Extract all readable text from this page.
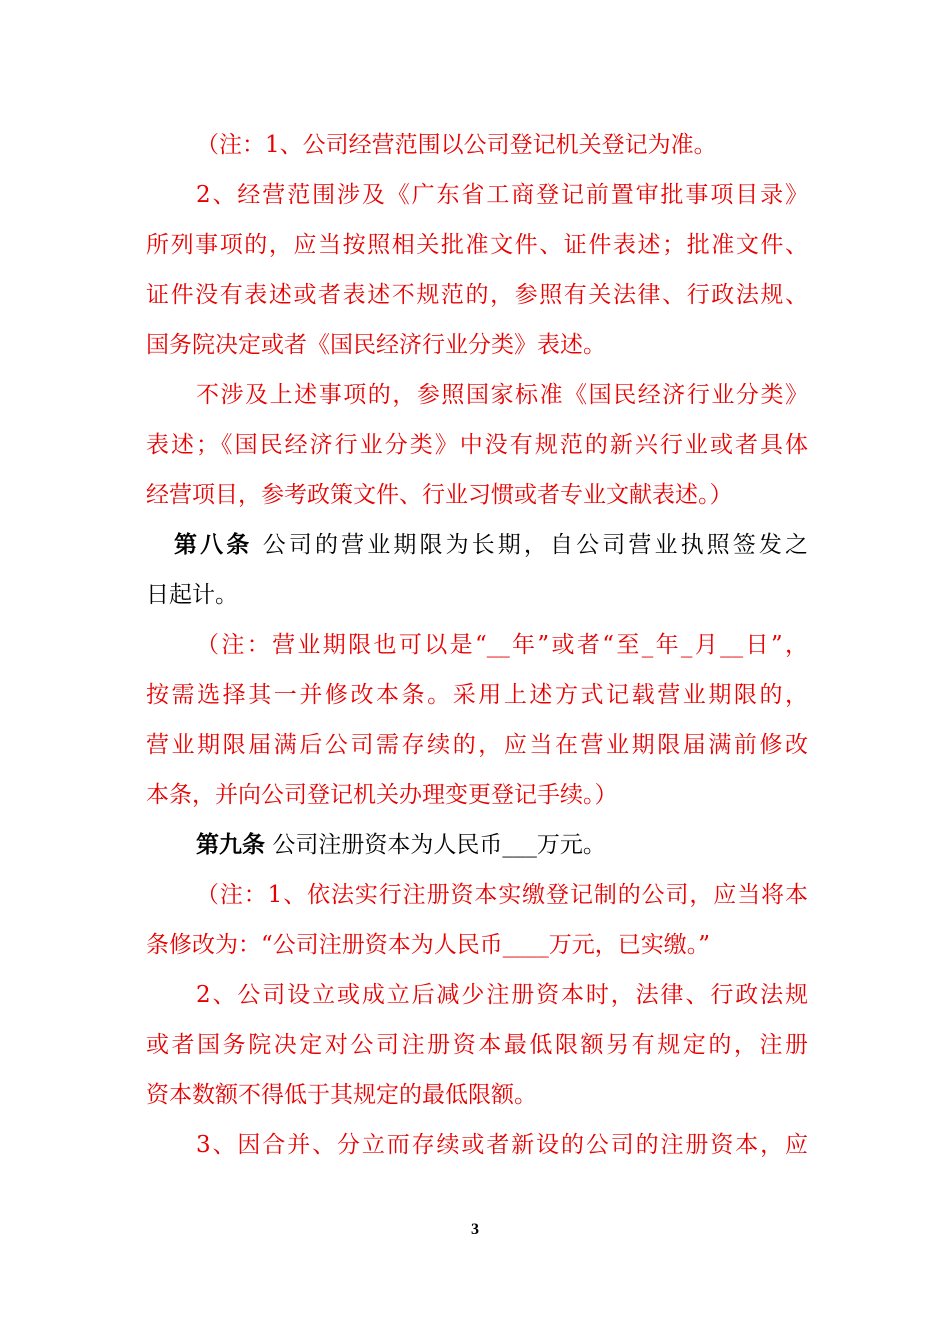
（注：1、公司经营范围以公司登记机关登记为准。
2、经营范围涉及《广东省工商登记前置审批事项目录》
所列事项的，应当按照相关批准文件、证件表述；批准文件、
证件没有表述或者表述不规范的，参照有关法律、行政法规、
国务院决定或者《国民经济行业分类》表述。
不涉及上述事项的，参照国家标准《国民经济行业分类》
表述；《国民经济行业分类》中没有规范的新兴行业或者具体
经营项目，参考政策文件、行业习惯或者专业文献表述。）
第八条 公司的营业期限为长期，自公司营业执照签发之
日起计。
（注：营业期限也可以是“__年”或者“至_年_月__日”，
按需选择其一并修改本条。采用上述方式记载营业期限的，
营业期限届满后公司需存续的，应当在营业期限届满前修改
本条，并向公司登记机关办理变更登记手续。）
第九条 公司注册资本为人民币___万元。
（注：1、依法实行注册资本实缴登记制的公司，应当将本
条修改为：“公司注册资本为人民币____万元，已实缴。”
2、公司设立或成立后减少注册资本时，法律、行政法规
或者国务院决定对公司注册资本最低限额另有规定的，注册
资本数额不得低于其规定的最低限额。
3、因合并、分立而存续或者新设的公司的注册资本，应
3
